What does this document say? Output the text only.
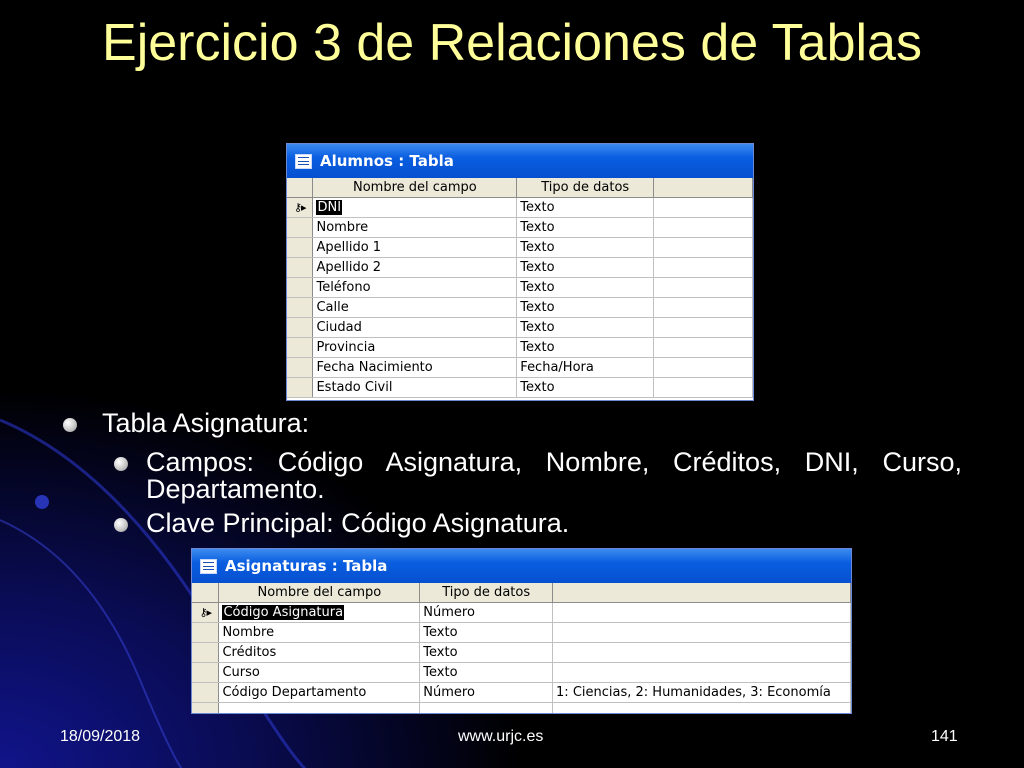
Ejercicio 3 de Relaciones de Tablas
Alumnos : Tabla
	Nombre del campo	Tipo de datos	
⚷▸	DNI	Texto	
	Nombre	Texto	
	Apellido 1	Texto	
	Apellido 2	Texto	
	Teléfono	Texto	
	Calle	Texto	
	Ciudad	Texto	
	Provincia	Texto	
	Fecha Nacimiento	Fecha/Hora	
	Estado Civil	Texto	
Tabla Asignatura:
Campos: Código Asignatura, Nombre, Créditos, DNI, Curso, Departamento.
Clave Principal: Código Asignatura.
Asignaturas : Tabla
	Nombre del campo	Tipo de datos	
⚷▸	Código Asignatura	Número	
	Nombre	Texto	
	Créditos	Texto	
	Curso	Texto	
	Código Departamento	Número	1: Ciencias, 2: Humanidades, 3: Economía

18/09/2018	www.urjc.es	141
